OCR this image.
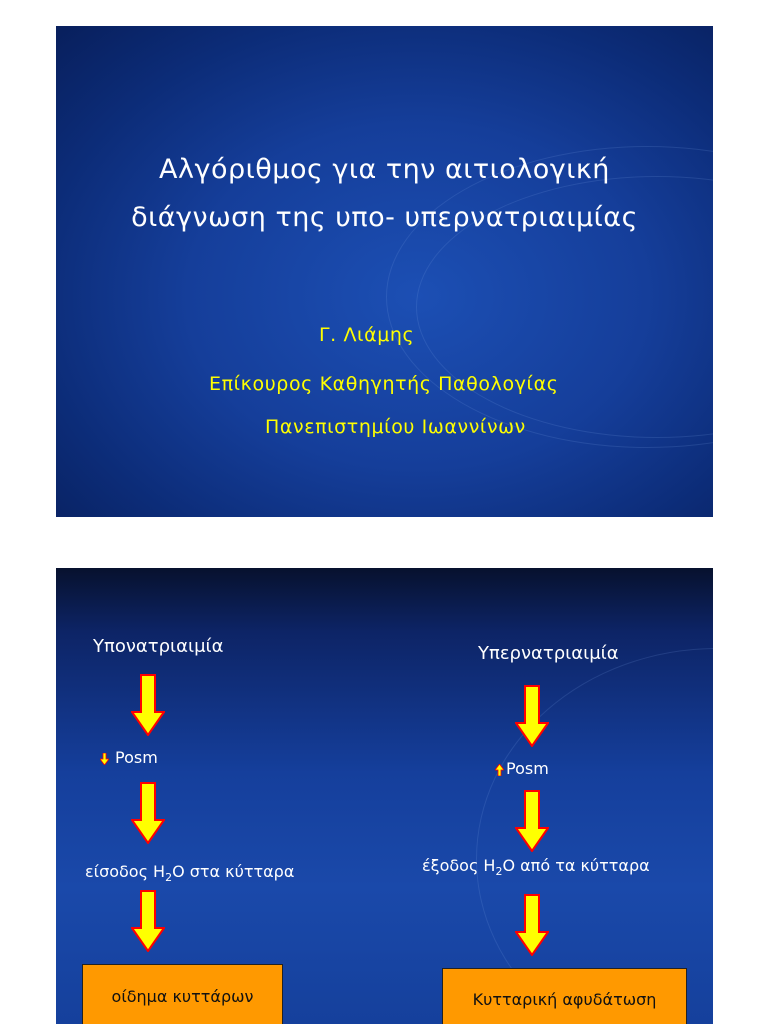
Αλγόριθμος για την αιτιολογική
διάγνωση της υπο- υπερνατριαιμίας
Γ. Λιάμης
Επίκουρος Καθηγητής Παθολογίας
Πανεπιστημίου Ιωαννίνων
Υπονατριαιμία
Posm
είσοδος $H_2O$ στα κύτταρα
οίδημα κυττάρων
Υπερνατριαιμία
Posm
έξοδος $H_2O$ από τα κύτταρα
Κυτταρική αφυδάτωση
